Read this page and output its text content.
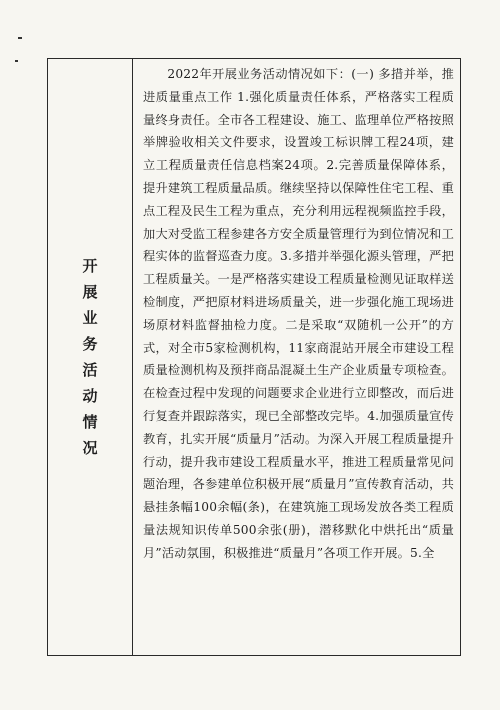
开
展
业
务
活
动
情
况
2022年开展业务活动情况如下：(一) 多措并举，推进质量重点工作 1.强化质量责任体系，严格落实工程质量终身责任。全市各工程建设、施工、监理单位严格按照举牌验收相关文件要求，设置竣工标识牌工程24项，建立工程质量责任信息档案24项。2.完善质量保障体系，提升建筑工程质量品质。继续坚持以保障性住宅工程、重点工程及民生工程为重点，充分利用远程视频监控手段，加大对受监工程参建各方安全质量管理行为到位情况和工程实体的监督巡查力度。3.多措并举强化源头管理，严把工程质量关。一是严格落实建设工程质量检测见证取样送检制度，严把原材料进场质量关，进一步强化施工现场进场原材料监督抽检力度。二是采取“双随机一公开”的方式，对全市5家检测机构，11家商混站开展全市建设工程质量检测机构及预拌商品混凝土生产企业质量专项检查。在检查过程中发现的问题要求企业进行立即整改，而后进行复查并跟踪落实，现已全部整改完毕。4.加强质量宣传教育，扎实开展“质量月”活动。为深入开展工程质量提升行动，提升我市建设工程质量水平，推进工程质量常见问题治理，各参建单位积极开展“质量月”宣传教育活动，共悬挂条幅100余幅(条)，在建筑施工现场发放各类工程质量法规知识传单500余张(册)，潜移默化中烘托出“质量月”活动氛围，积极推进“质量月”各项工作开展。5.全
